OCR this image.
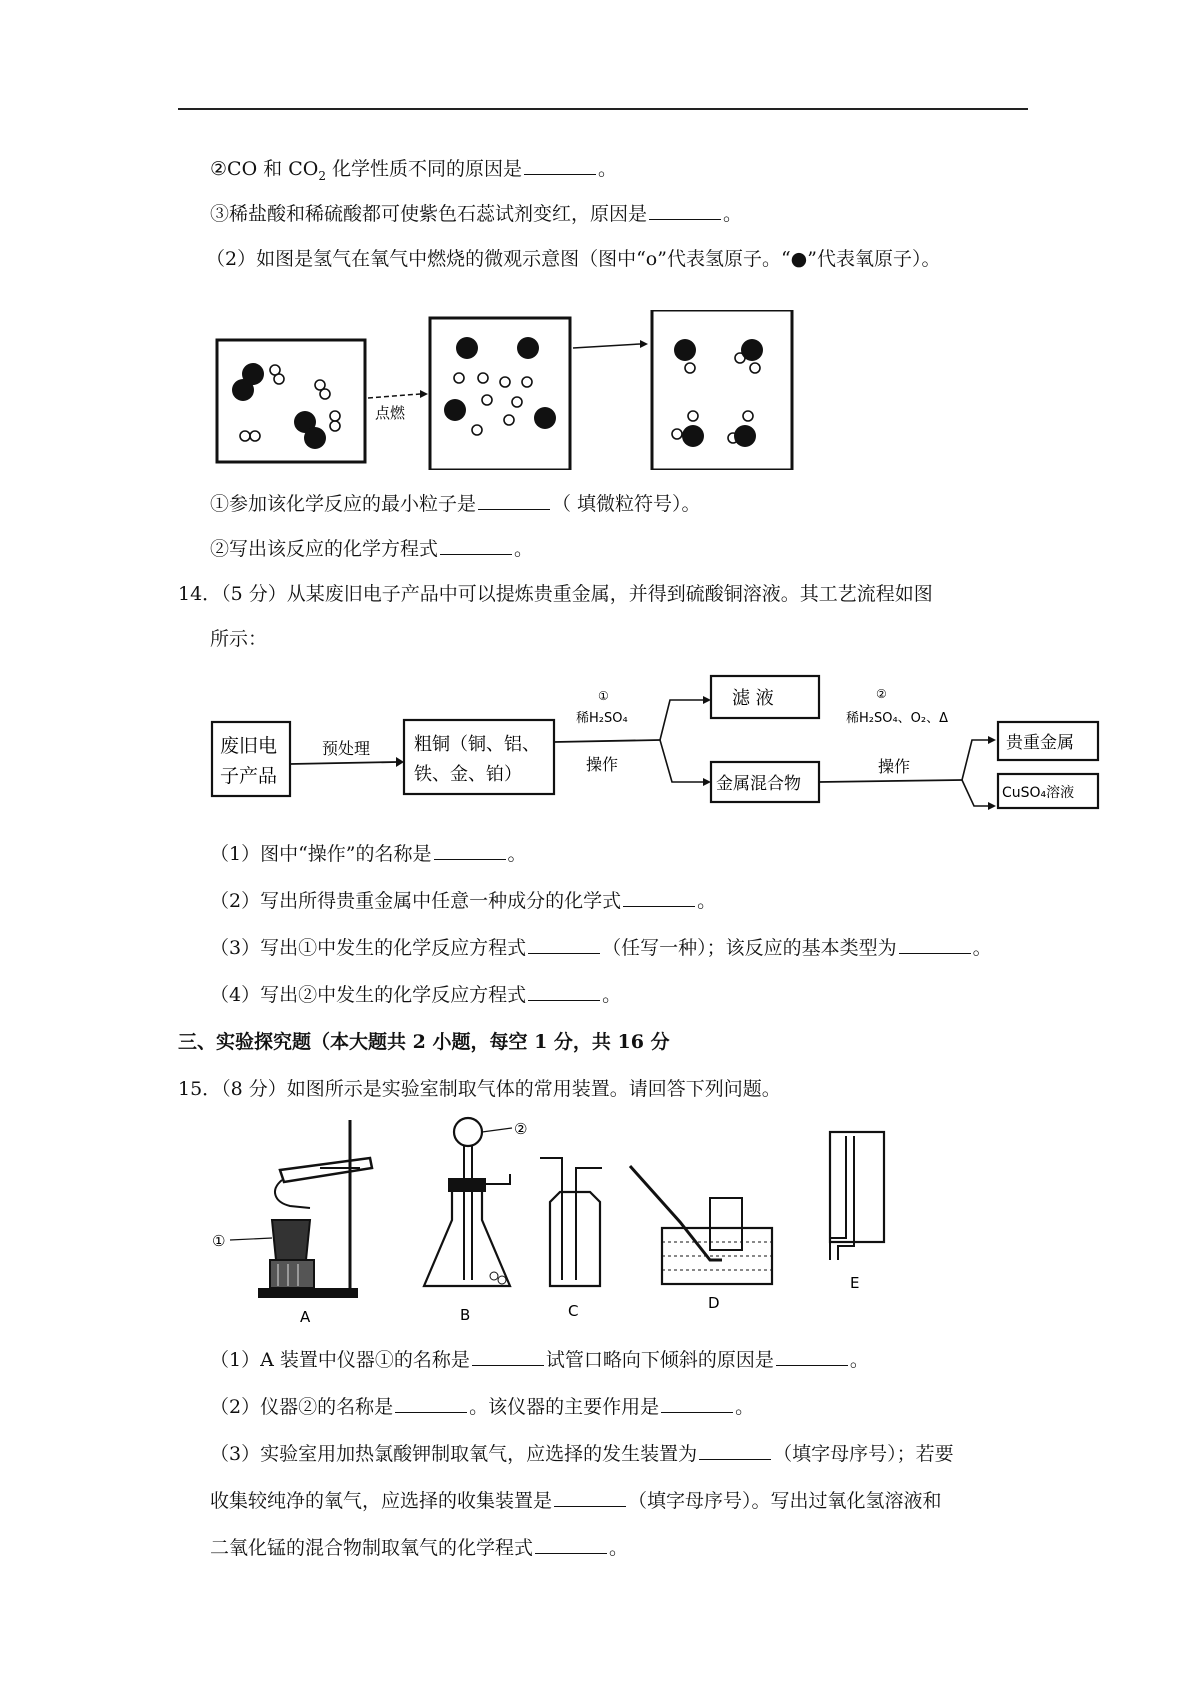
②CO 和 $CO_2$ 化学性质不同的原因是	。
③稀盐酸和稀硫酸都可使紫色石蕊试剂变红，原因是	。
（2）如图是氢气在氧气中燃烧的微观示意图（图中“o”代表氢原子。“●”代表氧原子）。
点燃
①参加该化学反应的最小粒子是	（ 填微粒符号）。
②写出该反应的化学方程式	。
14．（5 分）从某废旧电子产品中可以提炼贵重金属，并得到硫酸铜溶液。其工艺流程如图
所示：
废旧电
子产品
预处理 粗铜（铜、铝、
铁、金、铂）
①
稀H₂SO₄
操作
滤 液
金属混合物
②
稀H₂SO₄、O₂、Δ
操作
贵重金属
CuSO₄溶液
（1）图中“操作”的名称是	。
（2）写出所得贵重金属中任意一种成分的化学式	。
（3）写出①中发生的化学反应方程式	（任写一种）；该反应的基本类型为	。
（4）写出②中发生的化学反应方程式	。
三、实验探究题（本大题共 2 小题，每空 1 分，共 16 分
15．（8 分）如图所示是实验室制取气体的常用装置。请回答下列问题。
①
A
②
B	C	D
E
（1）A 装置中仪器①的名称是	试管口略向下倾斜的原因是	。
（2）仪器②的名称是	。该仪器的主要作用是	。
（3）实验室用加热氯酸钾制取氧气，应选择的发生装置为	（填字母序号）；若要
收集较纯净的氧气，应选择的收集装置是	（填字母序号）。写出过氧化氢溶液和
二氧化锰的混合物制取氧气的化学程式	。
